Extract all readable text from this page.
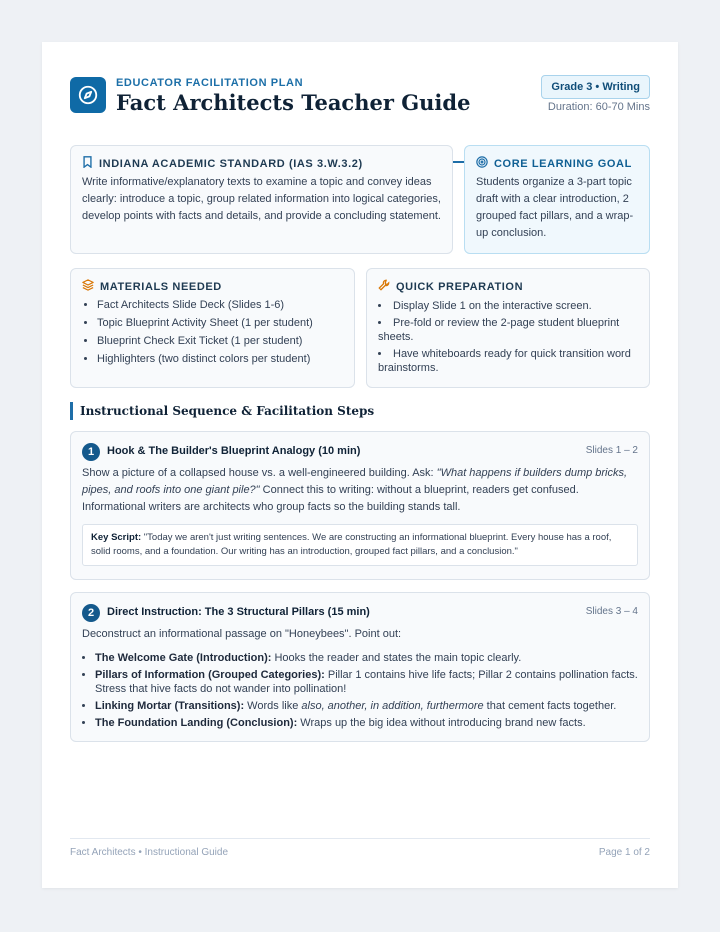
EDUCATOR FACILITATION PLAN
Fact Architects Teacher Guide
Grade 3 • Writing
Duration: 60-70 Mins
INDIANA ACADEMIC STANDARD (IAS 3.W.3.2)
Write informative/explanatory texts to examine a topic and convey ideas clearly: introduce a topic, group related information into logical categories, develop points with facts and details, and provide a concluding statement.
CORE LEARNING GOAL
Students organize a 3-part topic draft with a clear introduction, 2 grouped fact pillars, and a wrap-up conclusion.
MATERIALS NEEDED
• Fact Architects Slide Deck (Slides 1-6)
• Topic Blueprint Activity Sheet (1 per student)
• Blueprint Check Exit Ticket (1 per student)
• Highlighters (two distinct colors per student)
QUICK PREPARATION
• Display Slide 1 on the interactive screen.
• Pre-fold or review the 2-page student blueprint sheets.
• Have whiteboards ready for quick transition word brainstorms.
Instructional Sequence & Facilitation Steps
1	Hook & The Builder's Blueprint Analogy (10 min)	Slides 1 – 2
Show a picture of a collapsed house vs. a well-engineered building. Ask: "What happens if builders dump bricks, pipes, and roofs into one giant pile?" Connect this to writing: without a blueprint, readers get confused. Informational writers are architects who group facts so the building stands tall.
Key Script: "Today we aren't just writing sentences. We are constructing an informational blueprint. Every house has a roof, solid rooms, and a foundation. Our writing has an introduction, grouped fact pillars, and a conclusion."
2	Direct Instruction: The 3 Structural Pillars (15 min)	Slides 3 – 4
Deconstruct an informational passage on "Honeybees". Point out:
• The Welcome Gate (Introduction): Hooks the reader and states the main topic clearly.
• Pillars of Information (Grouped Categories): Pillar 1 contains hive life facts; Pillar 2 contains pollination facts. Stress that hive facts do not wander into pollination!
• Linking Mortar (Transitions): Words like also, another, in addition, furthermore that cement facts together.
• The Foundation Landing (Conclusion): Wraps up the big idea without introducing brand new facts.
Fact Architects • Instructional Guide	Page 1 of 2
